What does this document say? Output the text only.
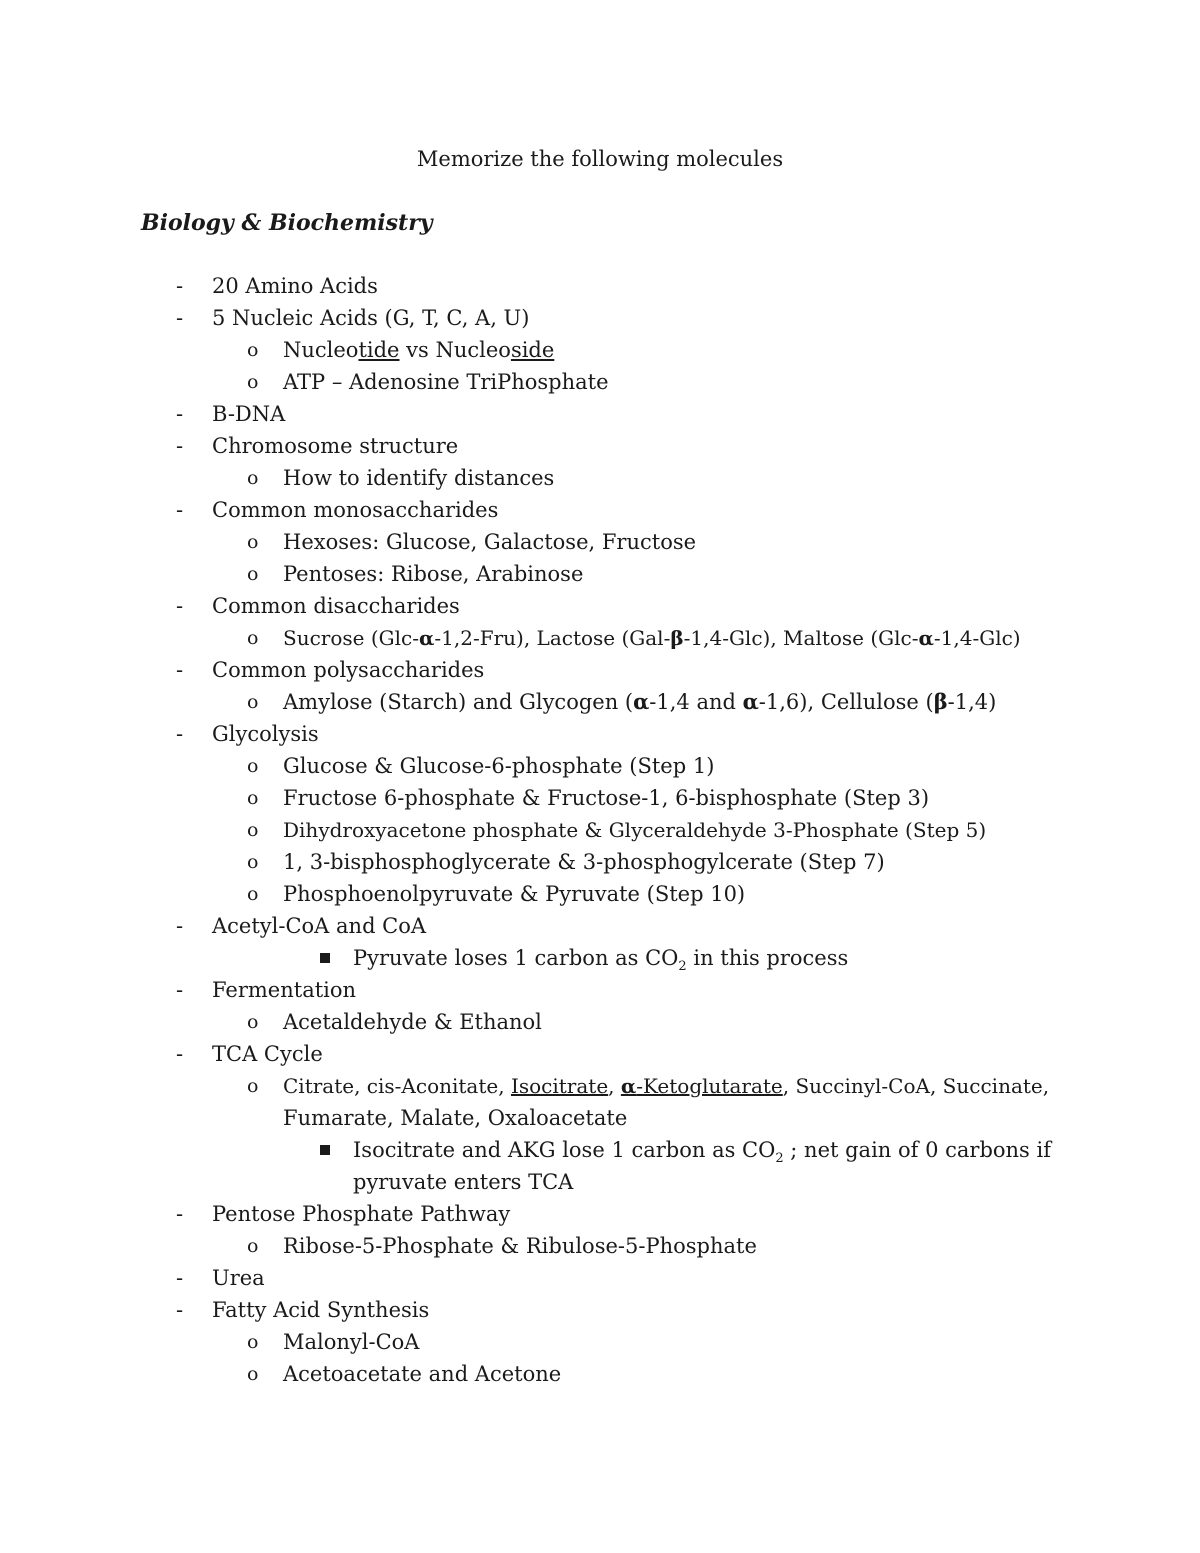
Memorize the following molecules
Biology & Biochemistry
- 20 Amino Acids
- 5 Nucleic Acids (G, T, C, A, U)
o Nucleotide vs Nucleoside
o ATP – Adenosine TriPhosphate
- B-DNA
- Chromosome structure
o How to identify distances
- Common monosaccharides
o Hexoses: Glucose, Galactose, Fructose
o Pentoses: Ribose, Arabinose
- Common disaccharides
o Sucrose (Glc-α-1,2-Fru), Lactose (Gal-β-1,4-Glc), Maltose (Glc-α-1,4-Glc)
- Common polysaccharides
o Amylose (Starch) and Glycogen (α-1,4 and α-1,6), Cellulose (β-1,4)
- Glycolysis
o Glucose & Glucose-6-phosphate (Step 1)
o Fructose 6-phosphate & Fructose-1, 6-bisphosphate (Step 3)
o Dihydroxyacetone phosphate & Glyceraldehyde 3-Phosphate (Step 5)
o 1, 3-bisphosphoglycerate & 3-phosphogylcerate (Step 7)
o Phosphoenolpyruvate & Pyruvate (Step 10)
- Acetyl-CoA and CoA
Pyruvate loses 1 carbon as $CO_2$ in this process
- Fermentation
o Acetaldehyde & Ethanol
- TCA Cycle
o Citrate, cis-Aconitate, Isocitrate, α-Ketoglutarate, Succinyl-CoA, Succinate,
Fumarate, Malate, Oxaloacetate
Isocitrate and AKG lose 1 carbon as $CO_2$ ; net gain of 0 carbons if
pyruvate enters TCA
- Pentose Phosphate Pathway
o Ribose-5-Phosphate & Ribulose-5-Phosphate
- Urea
- Fatty Acid Synthesis
o Malonyl-CoA
o Acetoacetate and Acetone
